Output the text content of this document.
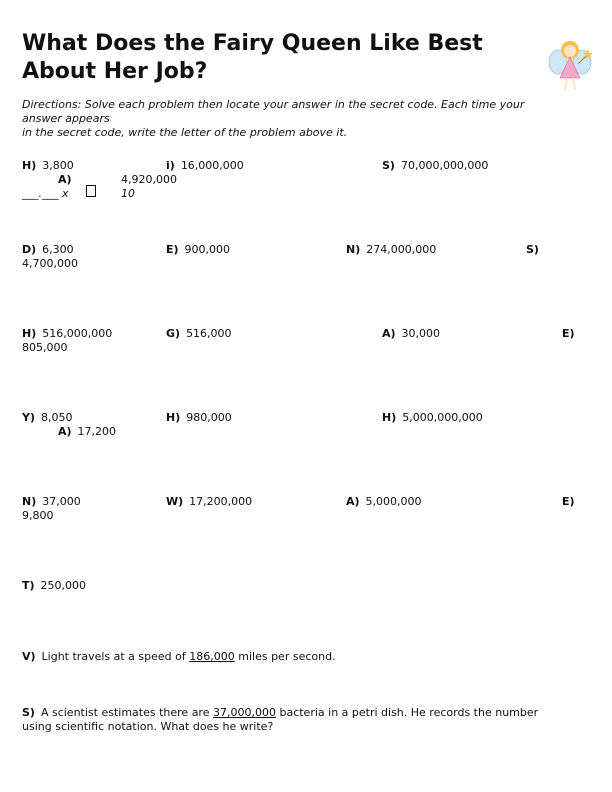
What Does the Fairy Queen Like Best About Her Job?
Directions: Solve each problem then locate your answer in the secret code. Each time your
answer appears
in the secret code, write the letter of the problem above it.
H) 3,800	i) 16,000,000	S) 70,000,000,000
A)	4,920,000
___.___ x	10
D) 6,300	E) 900,000	N) 274,000,000	S)
4,700,000
H) 516,000,000	G) 516,000	A) 30,000	E)
805,000
Y) 8,050	H) 980,000	H) 5,000,000,000
A) 17,200
N) 37,000	W) 17,200,000	A) 5,000,000	E)
9,800
T) 250,000
V) Light travels at a speed of 186,000 miles per second.
S) A scientist estimates there are 37,000,000 bacteria in a petri dish. He records the number
using scientific notation. What does he write?
